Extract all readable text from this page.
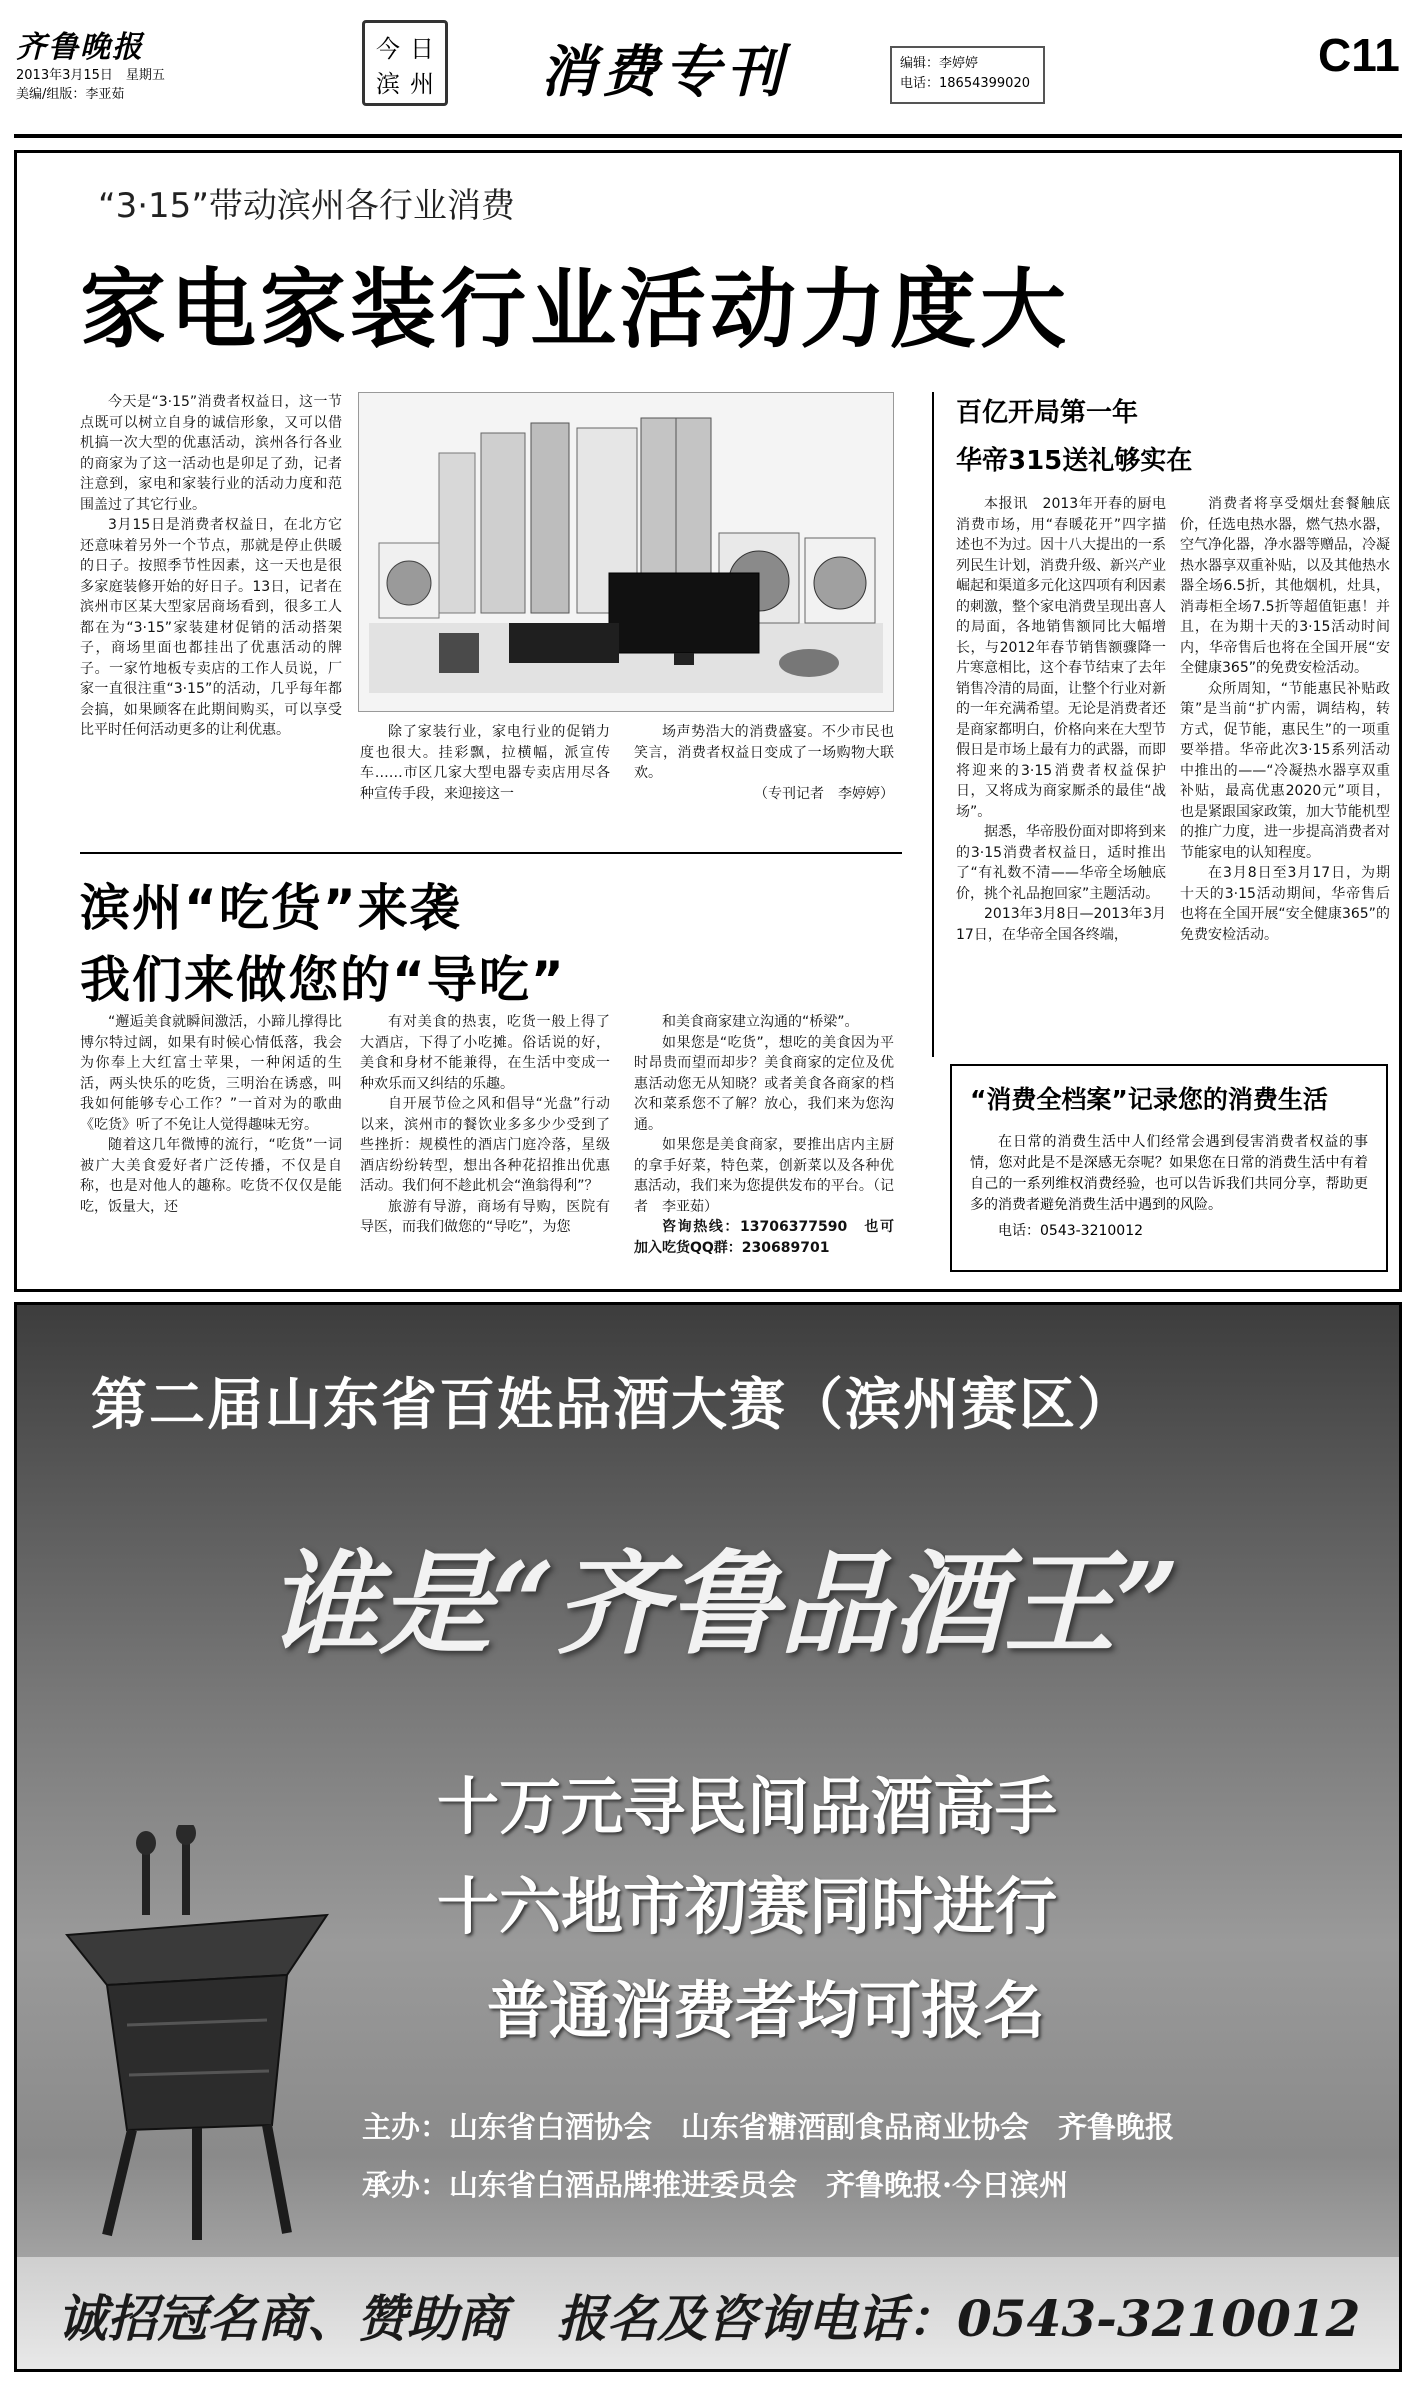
齐鲁晚报
2013年3月15日　星期五
美编/组版：李亚茹
今 日
滨 州 消费专刊	编辑：李婷婷
电话：18654399020
C11
“3·15”带动滨州各行业消费
家电家装行业活动力度大

今天是“3·15”消费者权益日，这一节点既可以树立自身的诚信形象，又可以借机搞一次大型的优惠活动，滨州各行各业的商家为了这一活动也是卯足了劲，记者注意到，家电和家装行业的活动力度和范围盖过了其它行业。

3月15日是消费者权益日，在北方它还意味着另外一个节点，那就是停止供暖的日子。按照季节性因素，这一天也是很多家庭装修开始的好日子。13日，记者在滨州市区某大型家居商场看到，很多工人都在为“3·15”家装建材促销的活动搭架子，商场里面也都挂出了优惠活动的牌子。一家竹地板专卖店的工作人员说，厂家一直很注重“3·15”的活动，几乎每年都会搞，如果顾客在此期间购买，可以享受比平时任何活动更多的让利优惠。	除了家装行业，家电行业的促销力度也很大。挂彩飘，拉横幅，派宣传车……市区几家大型电器专卖店用尽各种宣传手段，来迎接这一

场声势浩大的消费盛宴。不少市民也笑言，消费者权益日变成了一场购物大联欢。

（专刊记者　李婷婷）

百亿开局第一年
华帝315送礼够实在

本报讯　2013年开春的厨电消费市场，用“春暖花开”四字描述也不为过。因十八大提出的一系列民生计划，消费升级、新兴产业崛起和渠道多元化这四项有利因素的刺激，整个家电消费呈现出喜人的局面，各地销售额同比大幅增长，与2012年春节销售额骤降一片寒意相比，这个春节结束了去年销售冷清的局面，让整个行业对新的一年充满希望。无论是消费者还是商家都明白，价格向来在大型节假日是市场上最有力的武器，而即将迎来的3·15消费者权益保护日，又将成为商家厮杀的最佳“战场”。

据悉，华帝股份面对即将到来的3·15消费者权益日，适时推出了“有礼数不清——华帝全场触底价，挑个礼品抱回家”主题活动。

2013年3月8日—2013年3月17日，在华帝全国各终端，

消费者将享受烟灶套餐触底价，任选电热水器，燃气热水器，空气净化器，净水器等赠品，冷凝热水器享双重补贴，以及其他热水器全场6.5折，其他烟机，灶具，消毒柜全场7.5折等超值钜惠！并且，在为期十天的3·15活动时间内，华帝售后也将在全国开展“安全健康365”的免费安检活动。

众所周知，“节能惠民补贴政策”是当前“扩内需，调结构，转方式，促节能，惠民生”的一项重要举措。华帝此次3·15系列活动中推出的——“冷凝热水器享双重补贴，最高优惠2020元”项目，也是紧跟国家政策，加大节能机型的推广力度，进一步提高消费者对节能家电的认知程度。

在3月8日至3月17日，为期十天的3·15活动期间，华帝售后也将在全国开展“安全健康365”的免费安检活动。

滨州“吃货”来袭
我们来做您的“导吃”

“邂逅美食就瞬间激活，小蹄儿撑得比博尔特过阔，如果有时候心情低落，我会为你奉上大红富士苹果，一种闲适的生活，两头快乐的吃货，三明治在诱惑，叫我如何能够专心工作？”一首对为的歌曲《吃货》听了不免让人觉得趣味无穷。

随着这几年微博的流行，“吃货”一词被广大美食爱好者广泛传播，不仅是自称，也是对他人的趣称。吃货不仅仅是能吃，饭量大，还

有对美食的热衷，吃货一般上得了大酒店，下得了小吃摊。俗话说的好，美食和身材不能兼得，在生活中变成一种欢乐而又纠结的乐趣。

自开展节俭之风和倡导“光盘”行动以来，滨州市的餐饮业多多少少受到了些挫折：规模性的酒店门庭冷落，星级酒店纷纷转型，想出各种花招推出优惠活动。我们何不趁此机会“渔翁得利”？

旅游有导游，商场有导购，医院有导医，而我们做您的“导吃”，为您

和美食商家建立沟通的“桥梁”。

如果您是“吃货”，想吃的美食因为平时昂贵而望而却步？美食商家的定位及优惠活动您无从知晓？或者美食各商家的档次和菜系您不了解？放心，我们来为您沟通。

如果您是美食商家，要推出店内主厨的拿手好菜，特色菜，创新菜以及各种优惠活动，我们来为您提供发布的平台。（记者　李亚茹）

咨询热线：13706377590　也可加入吃货QQ群：230689701

“消费全档案”记录您的消费生活
在日常的消费生活中人们经常会遇到侵害消费者权益的事情，您对此是不是深感无奈呢？如果您在日常的消费生活中有着自己的一系列维权消费经验，也可以告诉我们共同分享，帮助更多的消费者避免消费生活中遇到的风险。
电话：0543-3210012
第二届山东省百姓品酒大赛（滨州赛区）
谁是“齐鲁品酒王”
十万元寻民间品酒高手
十六地市初赛同时进行
普通消费者均可报名
主办：山东省白酒协会　山东省糖酒副食品商业协会　齐鲁晚报
承办：山东省白酒品牌推进委员会　齐鲁晚报·今日滨州
诚招冠名商、赞助商　报名及咨询电话：0543-3210012
